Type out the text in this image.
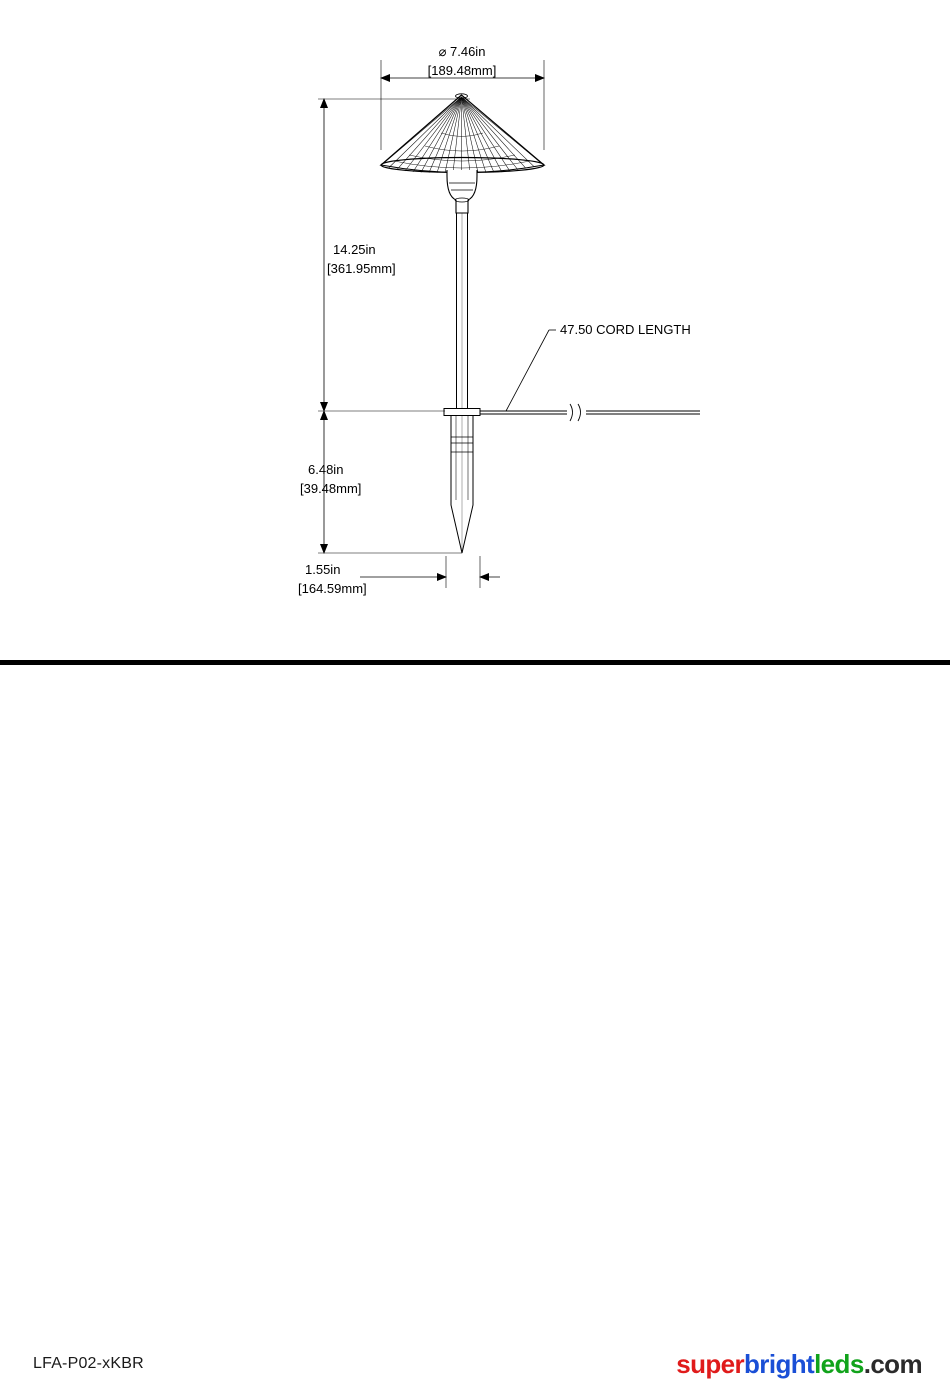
⌀ 7.46in
[189.48mm]
14.25in
[361.95mm]
6.48in
[39.48mm]
1.55in
[164.59mm]
47.50 CORD LENGTH
LFA-P02-xKBR	superbrightleds.com
